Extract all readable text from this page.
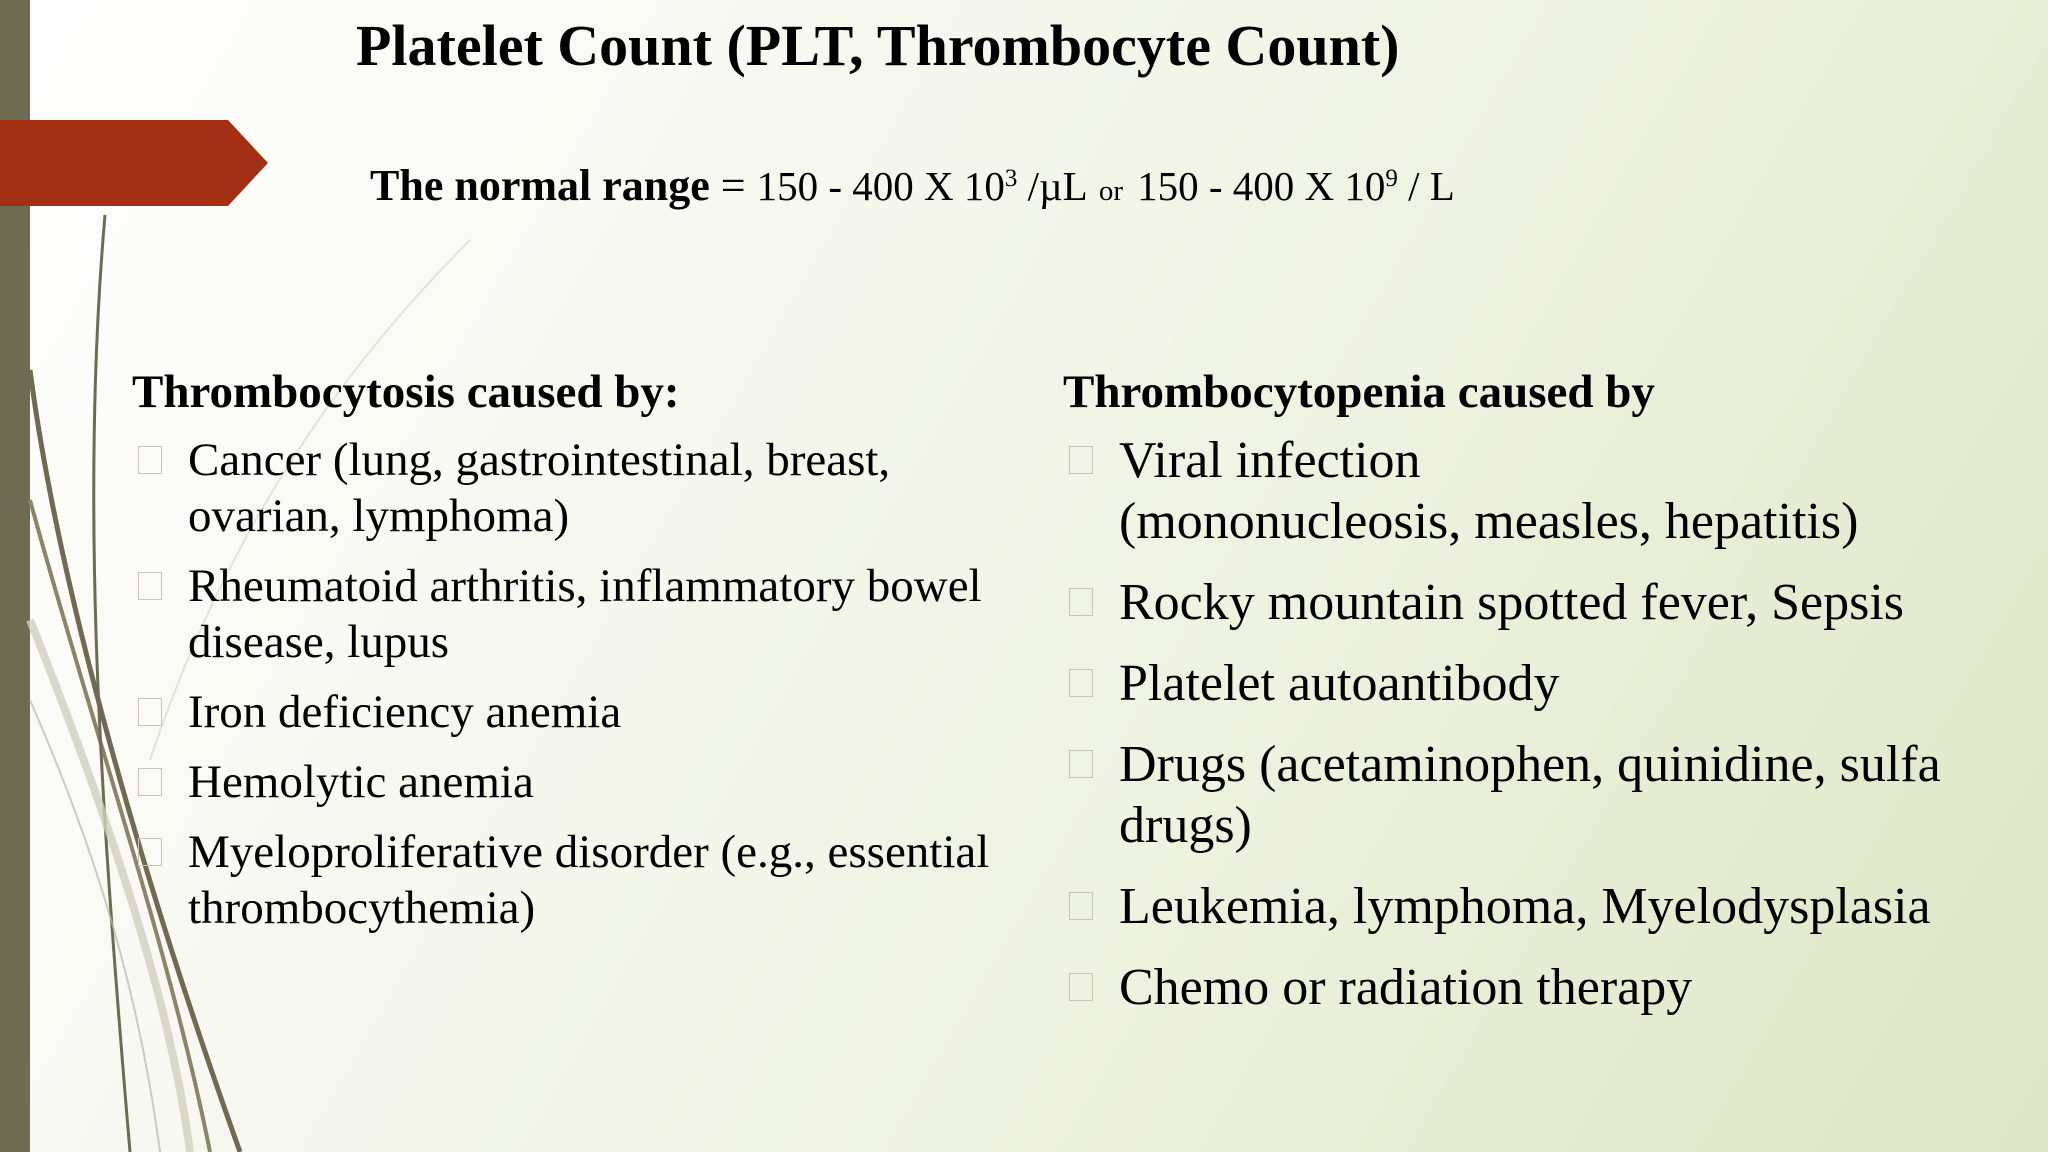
Platelet Count (PLT, Thrombocyte Count)
The normal range = 150 - 400 X $10^3$ /µL or 150 - 400 X $10^9$ / L
Thrombocytosis caused by:
Cancer (lung, gastrointestinal, breast, ovarian, lymphoma)
Rheumatoid arthritis, inflammatory bowel disease, lupus
Iron deficiency anemia
Hemolytic anemia
Myeloproliferative disorder (e.g., essential thrombocythemia)
Thrombocytopenia caused by
Viral infection
(mononucleosis, measles, hepatitis)
Rocky mountain spotted fever, Sepsis
Platelet autoantibody
Drugs (acetaminophen, quinidine, sulfa drugs)
Leukemia, lymphoma, Myelodysplasia
Chemo or radiation therapy
